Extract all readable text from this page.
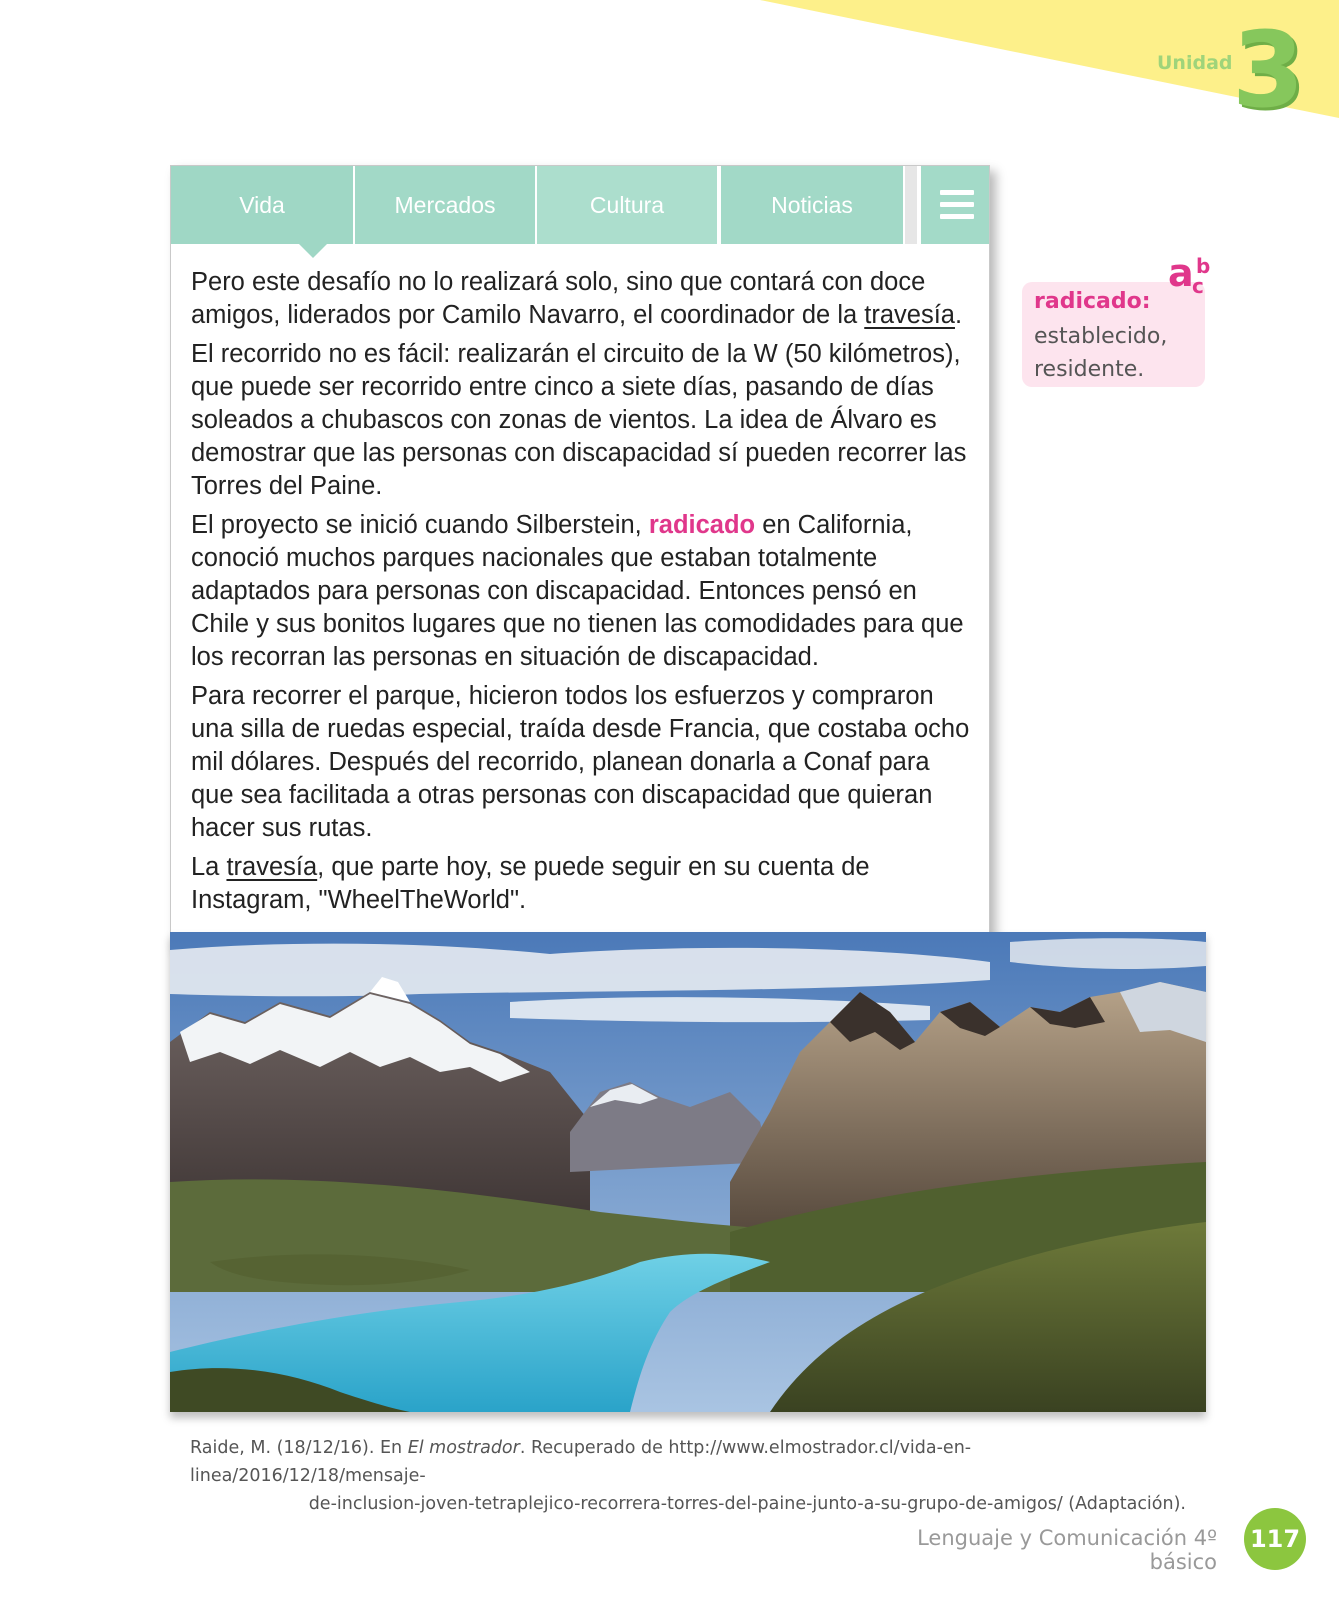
Unidad 3
Vida	Mercados	Cultura	Noticias

Pero este desafío no lo realizará solo, sino que contará con doce amigos, liderados por Camilo Navarro, el coordinador de la travesía.

El recorrido no es fácil: realizarán el circuito de la W (50 kilómetros), que puede ser recorrido entre cinco a siete días, pasando de días soleados a chubascos con zonas de vientos. La idea de Álvaro es demostrar que las personas con discapacidad sí pueden recorrer las Torres del Paine.

El proyecto se inició cuando Silberstein, radicado en California, conoció muchos parques nacionales que estaban totalmente adaptados para personas con discapacidad. Entonces pensó en Chile y sus bonitos lugares que no tienen las comodidades para que los recorran las personas en situación de discapacidad.

Para recorrer el parque, hicieron todos los esfuerzos y compraron una silla de ruedas especial, traída desde Francia, que costaba ocho mil dólares. Después del recorrido, planean donarla a Conaf para que sea facilitada a otras personas con discapacidad que quieran hacer sus rutas.

La travesía, que parte hoy, se puede seguir en su cuenta de Instagram, "WheelTheWorld".

a b
c
radicado:
establecido, residente.
Raide, M. (18/12/16). En El mostrador. Recuperado de http://www.elmostrador.cl/vida-en-linea/2016/12/18/mensaje-
de-inclusion-joven-tetraplejico-recorrera-torres-del-paine-junto-a-su-grupo-de-amigos/ (Adaptación).
Lenguaje y Comunicación 4º básico
117
